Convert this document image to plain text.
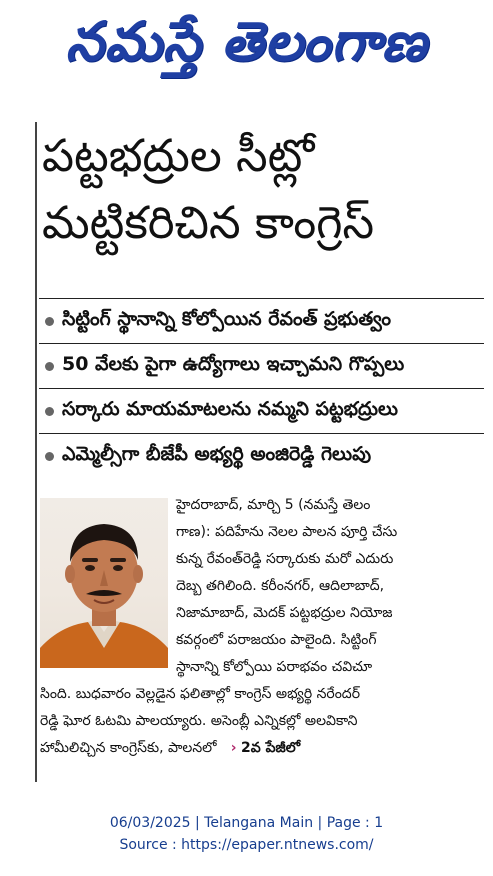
నమస్తే తెలంగాణ
పట్టభద్రుల సీట్లో
మట్టికరిచిన కాంగ్రెస్
సిట్టింగ్ స్థానాన్ని కోల్పోయిన రేవంత్ ప్రభుత్వం
50 వేలకు పైగా ఉద్యోగాలు ఇచ్చామని గొప్పలు
సర్కారు మాయమాటలను నమ్మని పట్టభద్రులు
ఎమ్మెల్సీగా బీజేపీ అభ్యర్థి అంజిరెడ్డి గెలుపు
హైదరాబాద్, మార్చి 5 (నమస్తే తెలం
గాణ): పదిహేను నెలల పాలన పూర్తి చేసు
కున్న రేవంత్‌రెడ్డి సర్కారుకు మరో ఎదురు
దెబ్బ తగిలింది. కరీంనగర్, ఆదిలాబాద్,
నిజామాబాద్, మెదక్ పట్టభద్రుల నియోజ
కవర్గంలో పరాజయం పాలైంది. సిట్టింగ్
స్థానాన్ని కోల్పోయి పరాభవం చవిచూ
సింది. బుధవారం వెల్లడైన ఫలితాల్లో కాంగ్రెస్ అభ్యర్థి నరేందర్
రెడ్డి ఘోర ఓటమి పాలయ్యారు. అసెంబ్లీ ఎన్నికల్లో అలవికాని
హామీలిచ్చిన కాంగ్రెస్‌కు, పాలనలో   › 2వ పేజీలో
06/03/2025 | Telangana Main | Page : 1
Source : https://epaper.ntnews.com/
